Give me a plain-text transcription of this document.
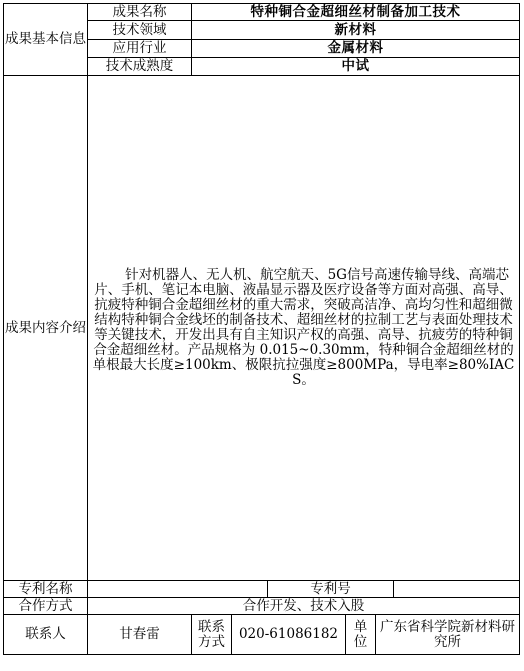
成果基本信息	成果名称	特种铜合金超细丝材制备加工技术					
	技术领域	新材料					
	应用行业	金属材料					
	技术成熟度	中试					
成果内容介绍	针对机器人、无人机、航空航天、5G信号高速传输导线、高端芯片、手机、笔记本电脑、液晶显示器及医疗设备等方面对高强、高导、抗疲特种铜合金超细丝材的重大需求，突破高洁净、高均匀性和超细微结构特种铜合金线坯的制备技术、超细丝材的拉制工艺与表面处理技术等关键技术，开发出具有自主知识产权的高强、高导、抗疲劳的特种铜合金超细丝材。产品规格为 0.015~0.30mm，特种铜合金超细丝材的单根最大长度≥100km、极限抗拉强度≥800MPa，导电率≥80%IACS。						
专利名称				专利号			
合作方式	合作开发、技术入股						
联系人	甘春雷	联系方式	020-61086182		单位	广东省科学院新材料研究所	
